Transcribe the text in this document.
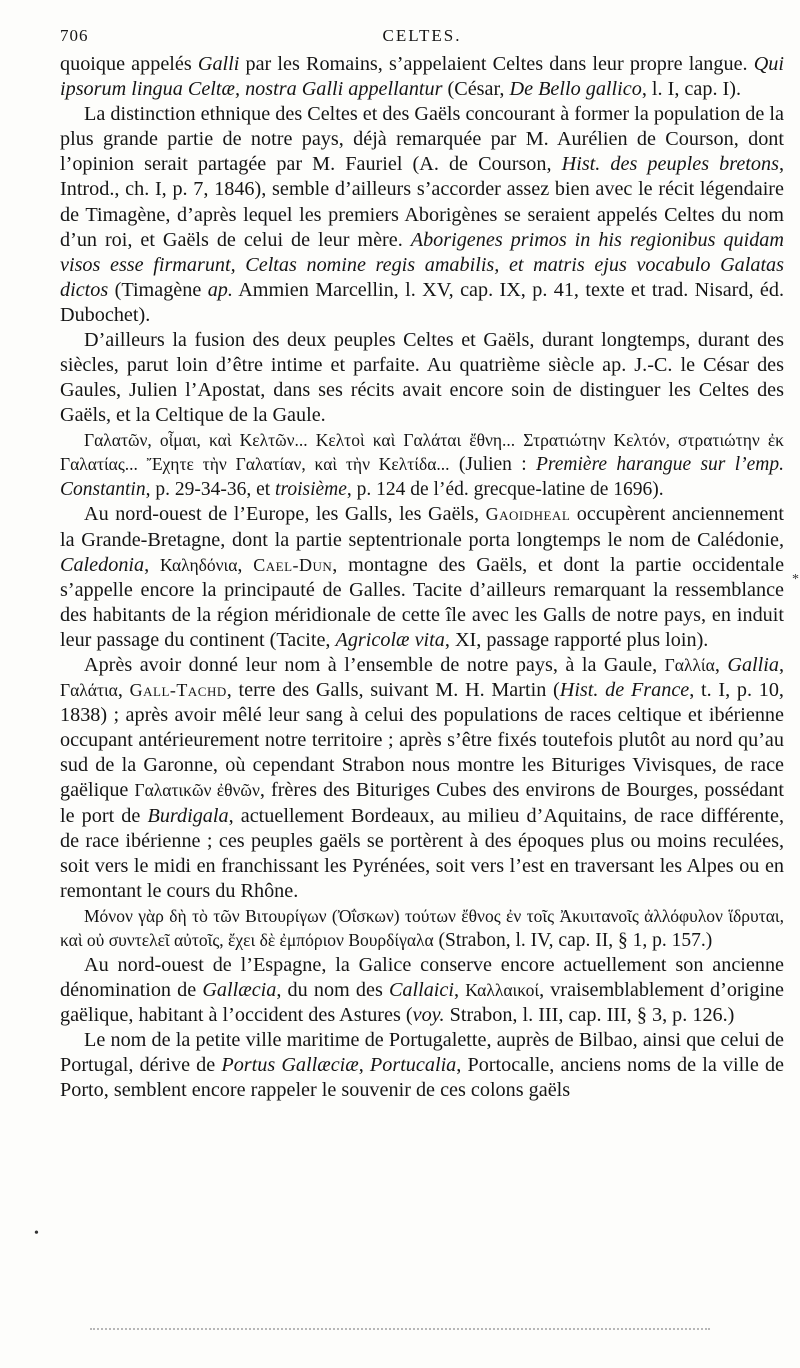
706	CELTES.

quoique appelés Galli par les Romains, s’appelaient Celtes dans leur propre langue. Qui ipsorum lingua Celtæ, nostra Galli appellantur (César, De Bello gallico, l. I, cap. I).

La distinction ethnique des Celtes et des Gaëls concourant à former la population de la plus grande partie de notre pays, déjà remarquée par M. Aurélien de Courson, dont l’opinion serait partagée par M. Fauriel (A. de Courson, Hist. des peuples bretons, Introd., ch. I, p. 7, 1846), semble d’ailleurs s’accorder assez bien avec le récit légendaire de Timagène, d’après lequel les premiers Aborigènes se seraient appelés Celtes du nom d’un roi, et Gaëls de celui de leur mère. Aborigenes primos in his regionibus quidam visos esse firmarunt, Celtas nomine regis amabilis, et matris ejus vocabulo Galatas dictos (Timagène ap. Ammien Marcellin, l. XV, cap. IX, p. 41, texte et trad. Nisard, éd. Dubochet).

D’ailleurs la fusion des deux peuples Celtes et Gaëls, durant longtemps, durant des siècles, parut loin d’être intime et parfaite. Au quatrième siècle ap. J.-C. le César des Gaules, Julien l’Apostat, dans ses récits avait encore soin de distinguer les Celtes des Gaëls, et la Celtique de la Gaule.

Γαλατῶν, οἶμαι, καὶ Κελτῶν... Κελτοὶ καὶ Γαλάται ἔθνη... Στρατιώτην Κελτόν, στρατιώτην ἐκ Γαλατίας... Ἔχητε τὴν Γαλατίαν, καὶ τὴν Κελτίδα... (Julien : Première harangue sur l’emp. Constantin, p. 29-34-36, et troisième, p. 124 de l’éd. grecque-latine de 1696).

Au nord-ouest de l’Europe, les Galls, les Gaëls, Gaoidheal occupèrent anciennement la Grande-Bretagne, dont la partie septentrionale porta longtemps le nom de Calédonie, Caledonia, Καληδόνια, Cael-Dun, montagne des Gaëls, et dont la partie occidentale s’appelle encore la principauté de Galles. Tacite d’ailleurs remarquant la ressemblance des habitants de la région méridionale de cette île avec les Galls de notre pays, en induit leur passage du continent (Tacite, Agricolæ vita, XI, passage rapporté plus loin).

Après avoir donné leur nom à l’ensemble de notre pays, à la Gaule, Γαλλία, Gallia, Γαλάτια, Gall-Tachd, terre des Galls, suivant M. H. Martin (Hist. de France, t. I, p. 10, 1838) ; après avoir mêlé leur sang à celui des populations de races celtique et ibérienne occupant antérieurement notre territoire ; après s’être fixés toutefois plutôt au nord qu’au sud de la Garonne, où cependant Strabon nous montre les Bituriges Vivisques, de race gaëlique Γαλατικῶν ἐθνῶν, frères des Bituriges Cubes des environs de Bourges, possédant le port de Burdigala, actuellement Bordeaux, au milieu d’Aquitains, de race différente, de race ibérienne ; ces peuples gaëls se portèrent à des époques plus ou moins reculées, soit vers le midi en franchissant les Pyrénées, soit vers l’est en traversant les Alpes ou en remontant le cours du Rhône.

Μόνον γὰρ δὴ τὸ τῶν Βιτουρίγων (Ὀΐσκων) τούτων ἔθνος ἐν τοῖς Ἀκυιτανοῖς ἀλλόφυλον ἵδρυται, καὶ οὐ συντελεῖ αὐτοῖς, ἔχει δὲ ἐμπόριον Βουρδίγαλα (Strabon, l. IV, cap. II, § 1, p. 157.)

Au nord-ouest de l’Espagne, la Galice conserve encore actuellement son ancienne dénomination de Gallæcia, du nom des Callaici, Καλλαικοί, vraisemblablement d’origine gaëlique, habitant à l’occident des Astures (voy. Strabon, l. III, cap. III, § 3, p. 126.)

Le nom de la petite ville maritime de Portugalette, auprès de Bilbao, ainsi que celui de Portugal, dérive de Portus Gallæciæ, Portucalia, Portocalle, anciens noms de la ville de Porto, semblent encore rappeler le souvenir de ces colons gaëls

*
•
